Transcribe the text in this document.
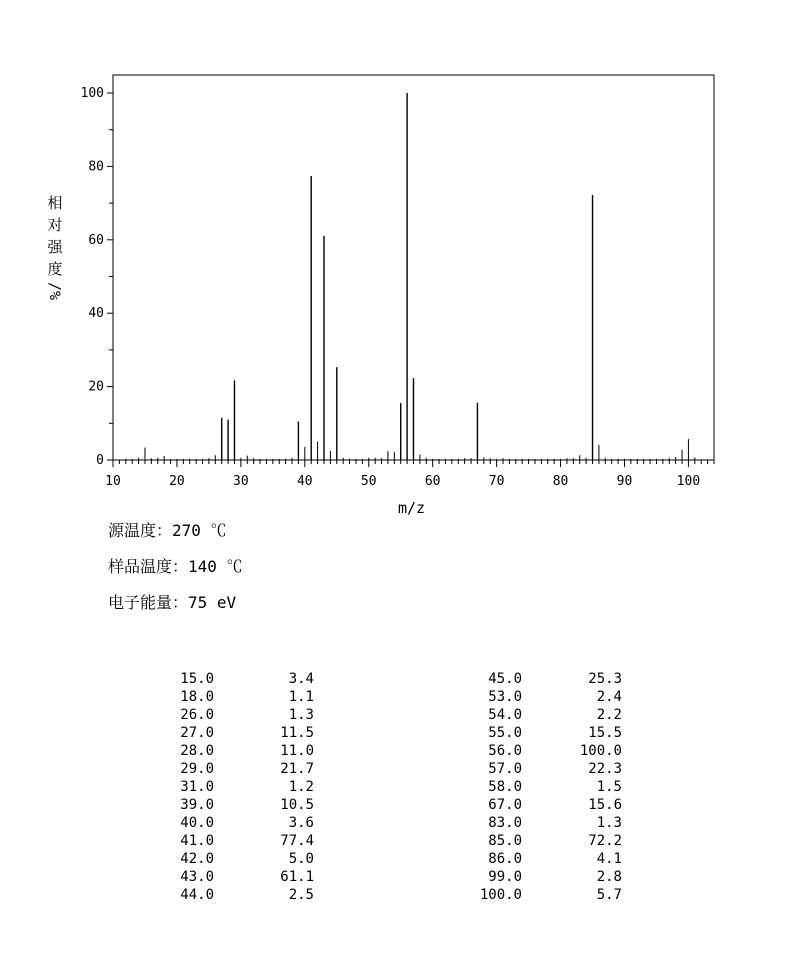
0
20
40
60
80
100
10	20	30	40	50	60	70	80	90	100
m/z
相
对
强
度
/%
源温度：270 ℃
样品温度：140 ℃
电子能量：75 eV
15.0	3.4
18.0	1.1
26.0	1.3
27.0	11.5
28.0	11.0
29.0	21.7
31.0	1.2
39.0	10.5
40.0	3.6
41.0	77.4
42.0	5.0
43.0	61.1
44.0	2.5
45.0	25.3
53.0	2.4
54.0	2.2
55.0	15.5
56.0	100.0
57.0	22.3
58.0	1.5
67.0	15.6
83.0	1.3
85.0	72.2
86.0	4.1
99.0	2.8
100.0	5.7
